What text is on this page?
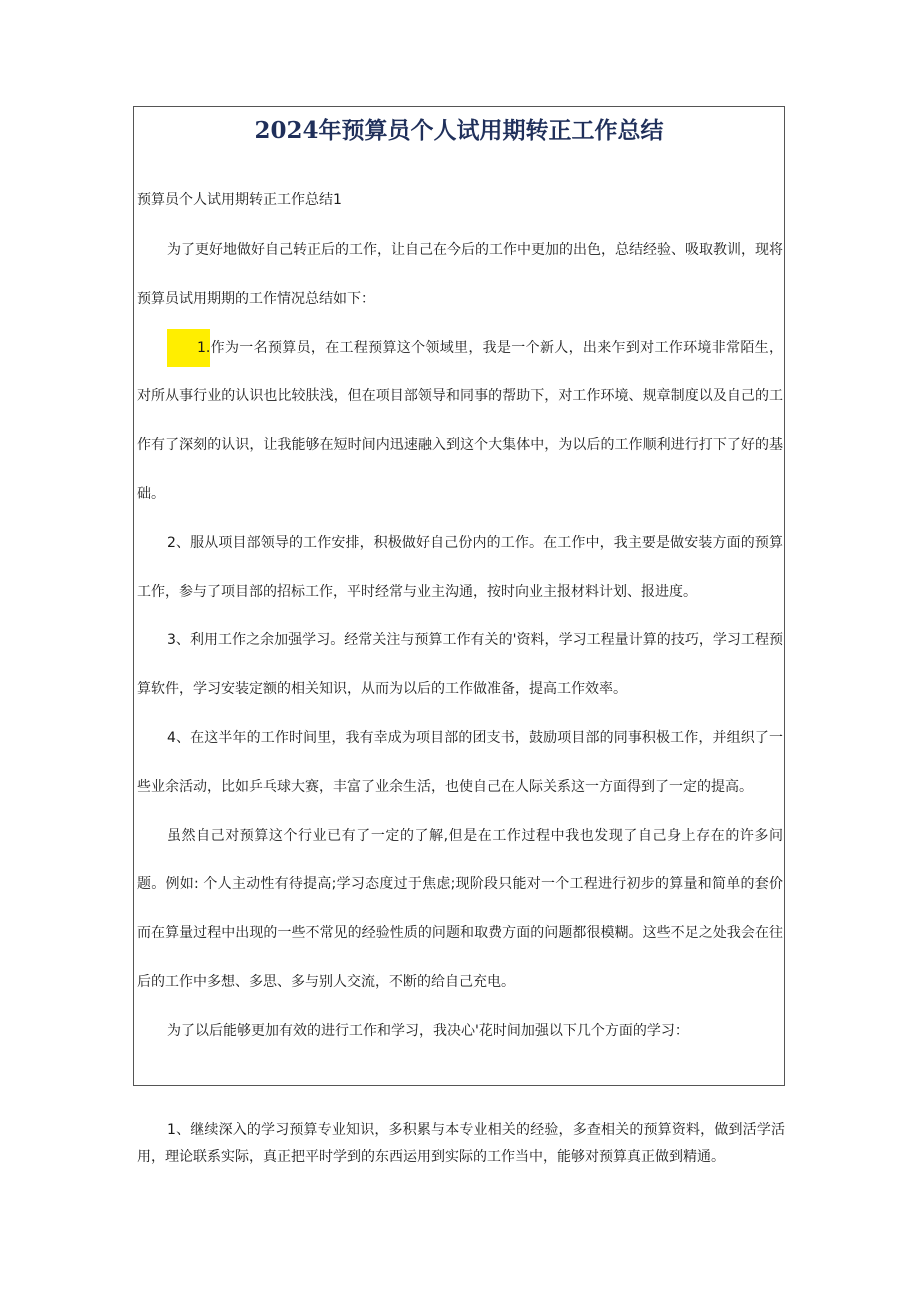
2024年预算员个人试用期转正工作总结

预算员个人试用期转正工作总结1

为了更好地做好自己转正后的工作，让自己在今后的工作中更加的出色，总结经验、吸取教训，现将预算员试用期期的工作情况总结如下：

1.作为一名预算员，在工程预算这个领域里，我是一个新人，出来乍到对工作环境非常陌生，对所从事行业的认识也比较肤浅，但在项目部领导和同事的帮助下，对工作环境、规章制度以及自己的工作有了深刻的认识，让我能够在短时间内迅速融入到这个大集体中，为以后的工作顺利进行打下了好的基础。

2、服从项目部领导的工作安排，积极做好自己份内的工作。在工作中，我主要是做安装方面的预算工作，参与了项目部的招标工作，平时经常与业主沟通，按时向业主报材料计划、报进度。

3、利用工作之余加强学习。经常关注与预算工作有关的'资料，学习工程量计算的技巧，学习工程预算软件，学习安装定额的相关知识，从而为以后的工作做准备，提高工作效率。

4、在这半年的工作时间里，我有幸成为项目部的团支书，鼓励项目部的同事积极工作，并组织了一些业余活动，比如乒乓球大赛，丰富了业余生活，也使自己在人际关系这一方面得到了一定的提高。

虽然自己对预算这个行业已有了一定的了解,但是在工作过程中我也发现了自己身上存在的许多问题。例如: 个人主动性有待提高;学习态度过于焦虑;现阶段只能对一个工程进行初步的算量和简单的套价而在算量过程中出现的一些不常见的经验性质的问题和取费方面的问题都很模糊。这些不足之处我会在往后的工作中多想、多思、多与别人交流，不断的给自己充电。

为了以后能够更加有效的进行工作和学习，我决心'花时间加强以下几个方面的学习：

1、继续深入的学习预算专业知识，多积累与本专业相关的经验，多查相关的预算资料，做到活学活用，理论联系实际，真正把平时学到的东西运用到实际的工作当中，能够对预算真正做到精通。
